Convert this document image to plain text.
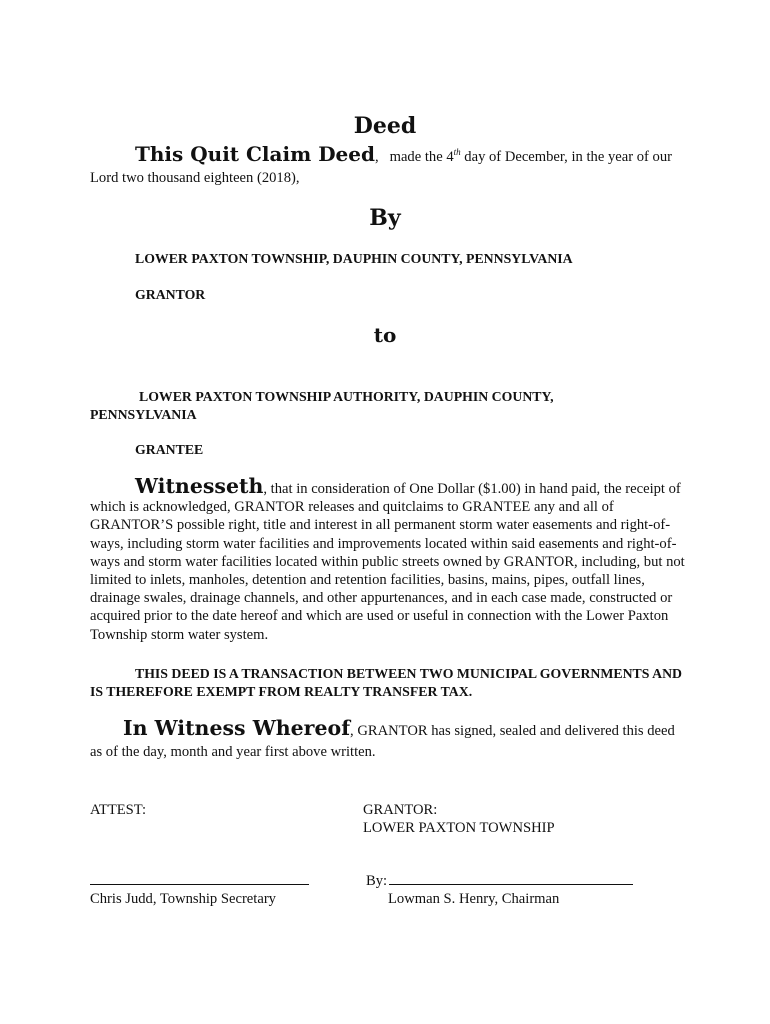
Deed

This Quit Claim Deed, made the 4th day of December, in the year of our Lord two thousand eighteen (2018),

By
LOWER PAXTON TOWNSHIP, DAUPHIN COUNTY, PENNSYLVANIA
GRANTOR
to
LOWER PAXTON TOWNSHIP AUTHORITY, DAUPHIN COUNTY, PENNSYLVANIA
GRANTEE

Witnesseth, that in consideration of One Dollar ($1.00) in hand paid, the receipt of which is acknowledged, GRANTOR releases and quitclaims to GRANTEE any and all of GRANTOR’S possible right, title and interest in all permanent storm water easements and right-of-ways, including storm water facilities and improvements located within said easements and right-of-ways and storm water facilities located within public streets owned by GRANTOR, including, but not limited to inlets, manholes, detention and retention facilities, basins, mains, pipes, outfall lines, drainage swales, drainage channels, and other appurtenances, and in each case made, constructed or acquired prior to the date hereof and which are used or useful in connection with the Lower Paxton Township storm water system.

THIS DEED IS A TRANSACTION BETWEEN TWO MUNICIPAL GOVERNMENTS AND IS THEREFORE EXEMPT FROM REALTY TRANSFER TAX.

In Witness Whereof, GRANTOR has signed, sealed and delivered this deed as of the day, month and year first above written.

ATTEST:	GRANTOR:
LOWER PAXTON TOWNSHIP
By:
Chris Judd, Township Secretary	Lowman S. Henry, Chairman
